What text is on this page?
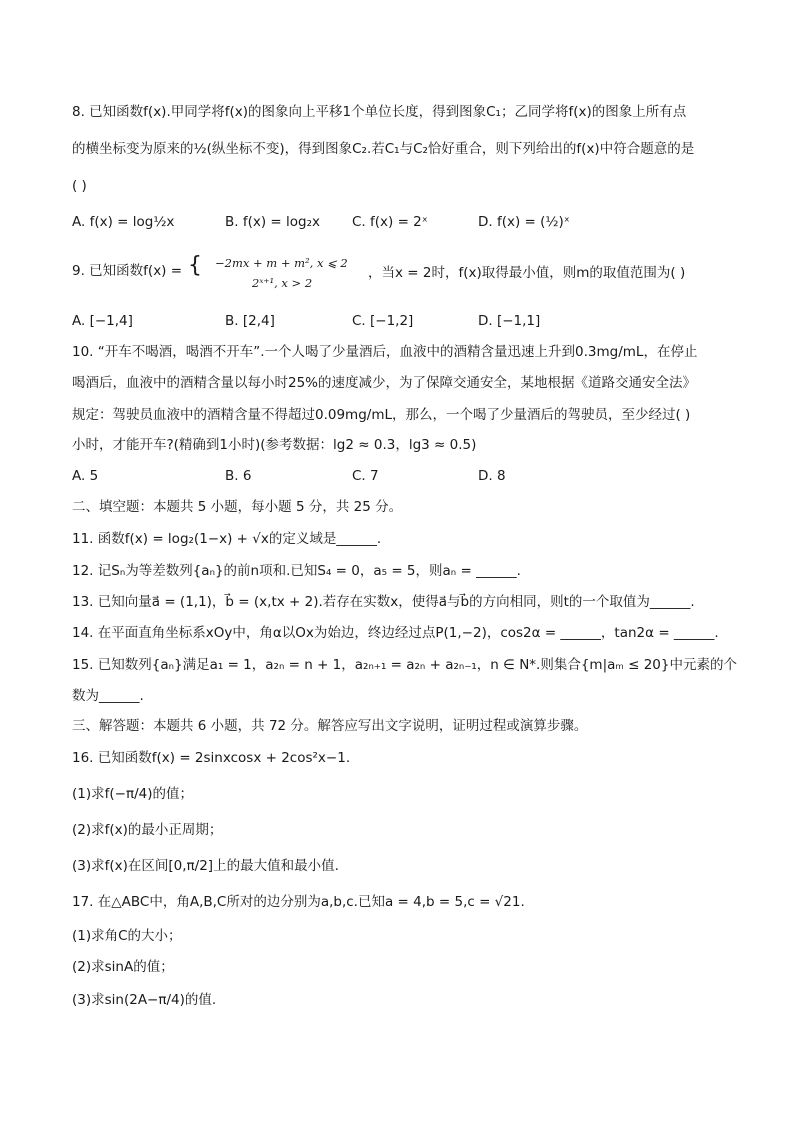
8. 已知函数f(x).甲同学将f(x)的图象向上平移1个单位长度，得到图象C₁；乙同学将f(x)的图象上所有点
的横坐标变为原来的½(纵坐标不变)，得到图象C₂.若C₁与C₂恰好重合，则下列给出的f(x)中符合题意的是
( )
A. f(x) = log½x	B. f(x) = log₂x C. f(x) = 2ˣ	D. f(x) = (½)ˣ
9. 已知函数f(x) = { −2mx + m + m², x ⩽ 2
2ˣ⁺¹, x > 2
，当x = 2时，f(x)取得最小值，则m的取值范围为( )
A. [−1,4]	B. [2,4]	C. [−1,2]	D. [−1,1]
10. “开车不喝酒，喝酒不开车”.一个人喝了少量酒后，血液中的酒精含量迅速上升到0.3mg/mL，在停止
喝酒后，血液中的酒精含量以每小时25%的速度减少，为了保障交通安全，某地根据《道路交通安全法》
规定：驾驶员血液中的酒精含量不得超过0.09mg/mL，那么，一个喝了少量酒后的驾驶员，至少经过( )
小时，才能开车?(精确到1小时)(参考数据：lg2 ≈ 0.3，lg3 ≈ 0.5)
A. 5	B. 6	C. 7	D. 8
二、填空题：本题共 5 小题，每小题 5 分，共 25 分。
11. 函数f(x) = log₂(1−x) + √x的定义域是______.
12. 记Sₙ为等差数列{aₙ}的前n项和.已知S₄ = 0，a₅ = 5，则aₙ = ______.
13. 已知向量a⃗ = (1,1)，b⃗ = (x,tx + 2).若存在实数x，使得a⃗与b⃗的方向相同，则t的一个取值为______.
14. 在平面直角坐标系xOy中，角α以Ox为始边，终边经过点P(1,−2)，cos2α = ______，tan2α = ______.
15. 已知数列{aₙ}满足a₁ = 1，a₂ₙ = n + 1，a₂ₙ₊₁ = a₂ₙ + a₂ₙ₋₁，n ∈ N*.则集合{m|aₘ ≤ 20}中元素的个
数为______.
三、解答题：本题共 6 小题，共 72 分。解答应写出文字说明，证明过程或演算步骤。
16. 已知函数f(x) = 2sinxcosx + 2cos²x−1.
(1)求f(−π/4)的值；
(2)求f(x)的最小正周期；
(3)求f(x)在区间[0,π/2]上的最大值和最小值.
17. 在△ABC中，角A,B,C所对的边分别为a,b,c.已知a = 4,b = 5,c = √21.
(1)求角C的大小；
(2)求sinA的值；
(3)求sin(2A−π/4)的值.
